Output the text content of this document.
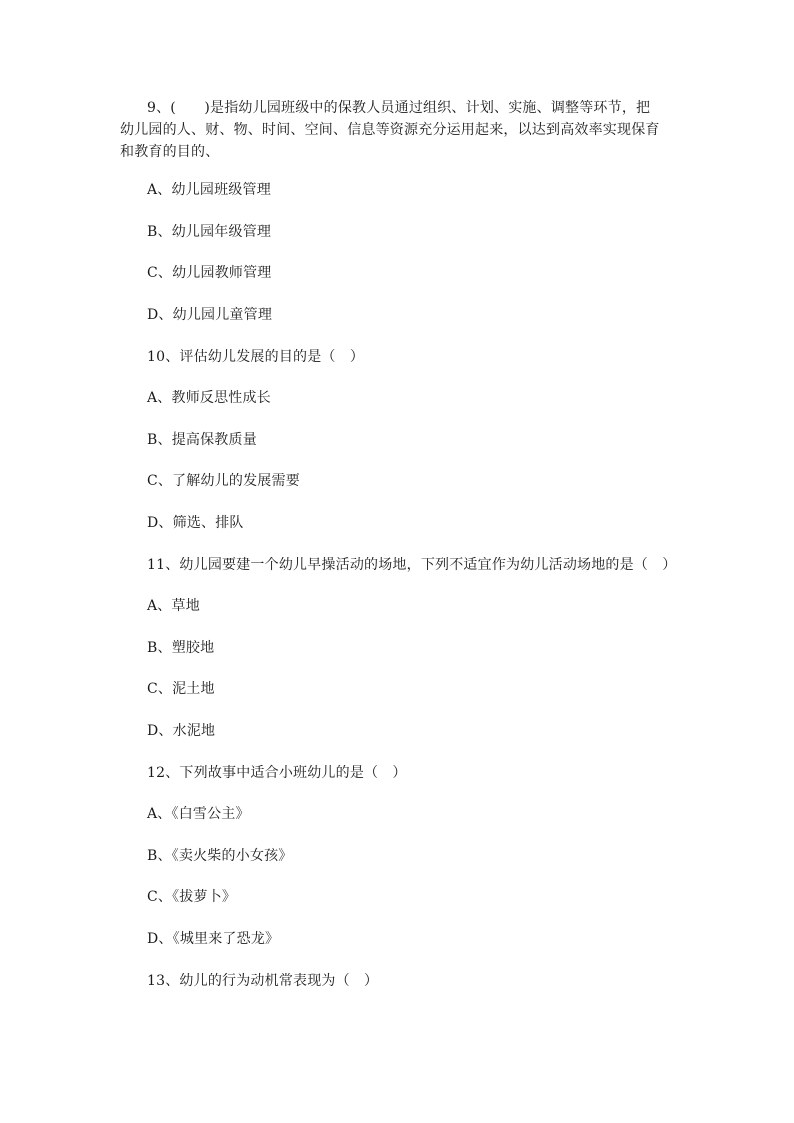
9、(　　)是指幼儿园班级中的保教人员通过组织、计划、实施、调整等环节，把幼儿园的人、财、物、时间、空间、信息等资源充分运用起来，以达到高效率实现保育和教育的目的、

A、幼儿园班级管理

B、幼儿园年级管理

C、幼儿园教师管理

D、幼儿园儿童管理

10、评估幼儿发展的目的是（　）

A、教师反思性成长

B、提高保教质量

C、了解幼儿的发展需要

D、筛选、排队

11、幼儿园要建一个幼儿早操活动的场地，下列不适宜作为幼儿活动场地的是（　）

A、草地

B、塑胶地

C、泥土地

D、水泥地

12、下列故事中适合小班幼儿的是（　）

A、《白雪公主》

B、《卖火柴的小女孩》

C、《拔萝卜》

D、《城里来了恐龙》

13、幼儿的行为动机常表现为（　）
